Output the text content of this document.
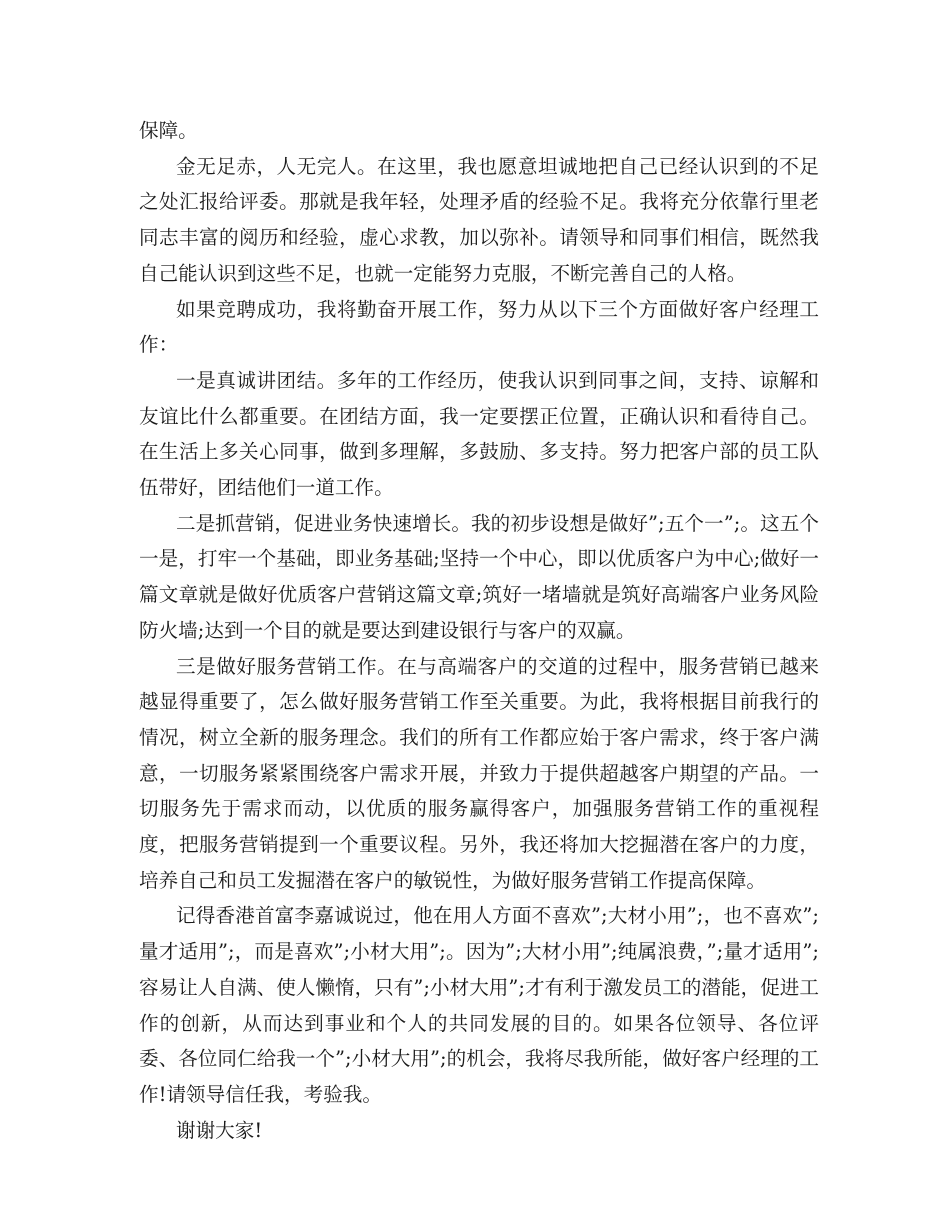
保障。

金无足赤，人无完人。在这里，我也愿意坦诚地把自己已经认识到的不足之处汇报给评委。那就是我年轻，处理矛盾的经验不足。我将充分依靠行里老同志丰富的阅历和经验，虚心求教，加以弥补。请领导和同事们相信，既然我自己能认识到这些不足，也就一定能努力克服，不断完善自己的人格。

如果竞聘成功，我将勤奋开展工作，努力从以下三个方面做好客户经理工作：

一是真诚讲团结。多年的工作经历，使我认识到同事之间，支持、谅解和友谊比什么都重要。在团结方面，我一定要摆正位置，正确认识和看待自己。在生活上多关心同事，做到多理解，多鼓励、多支持。努力把客户部的员工队伍带好，团结他们一道工作。

二是抓营销，促进业务快速增长。我的初步设想是做好”;五个一”;。这五个一是，打牢一个基础，即业务基础;坚持一个中心，即以优质客户为中心;做好一篇文章就是做好优质客户营销这篇文章;筑好一堵墙就是筑好高端客户业务风险防火墙;达到一个目的就是要达到建设银行与客户的双赢。

三是做好服务营销工作。在与高端客户的交道的过程中，服务营销已越来越显得重要了，怎么做好服务营销工作至关重要。为此，我将根据目前我行的情况，树立全新的服务理念。我们的所有工作都应始于客户需求，终于客户满意，一切服务紧紧围绕客户需求开展，并致力于提供超越客户期望的产品。一切服务先于需求而动，以优质的服务赢得客户，加强服务营销工作的重视程度，把服务营销提到一个重要议程。另外，我还将加大挖掘潜在客户的力度，培养自己和员工发掘潜在客户的敏锐性，为做好服务营销工作提高保障。

记得香港首富李嘉诚说过，他在用人方面不喜欢”;大材小用”;，也不喜欢”;量才适用”;，而是喜欢”;小材大用”;。因为”;大材小用”;纯属浪费，”;量才适用”;容易让人自满、使人懒惰，只有”;小材大用”;才有利于激发员工的潜能，促进工作的创新，从而达到事业和个人的共同发展的目的。如果各位领导、各位评委、各位同仁给我一个”;小材大用”;的机会，我将尽我所能，做好客户经理的工作!请领导信任我，考验我。

谢谢大家!
